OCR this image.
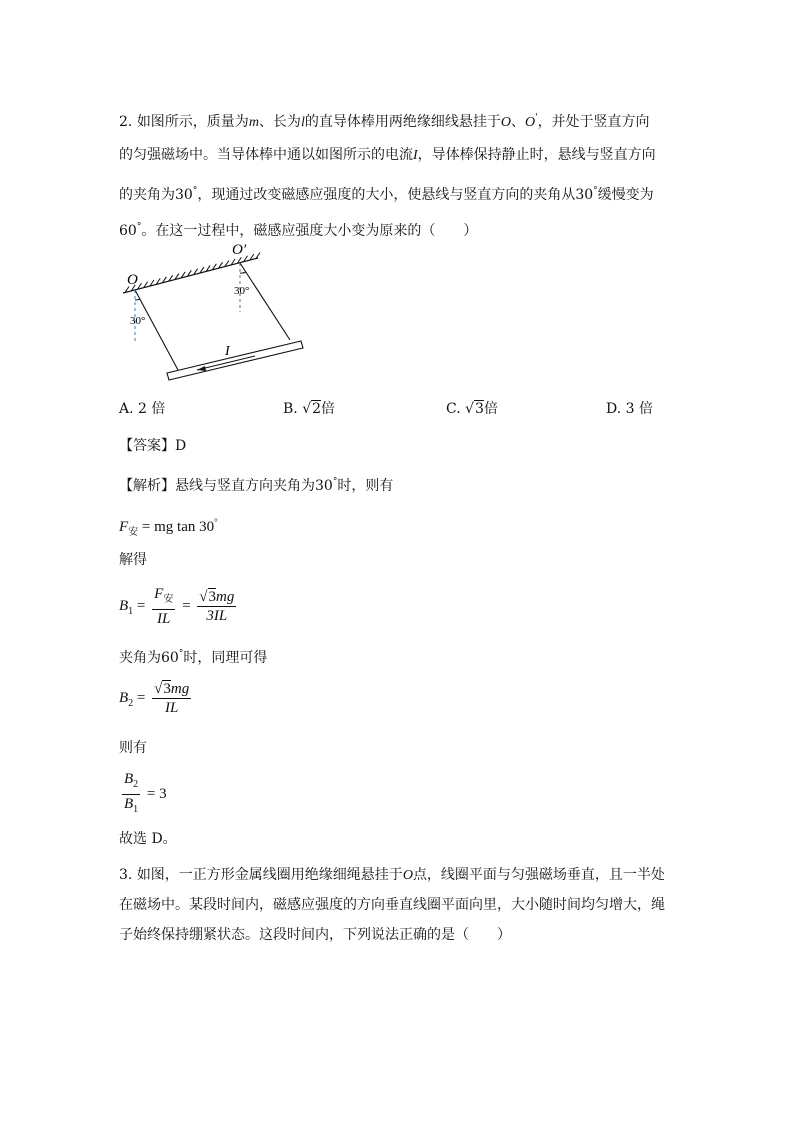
2. 如图所示，质量为m、长为l的直导体棒用两绝缘细线悬挂于O、O'，并处于竖直方向
的匀强磁场中。当导体棒中通以如图所示的电流I，导体棒保持静止时，悬线与竖直方向
的夹角为30°，现通过改变磁感应强度的大小，使悬线与竖直方向的夹角从30°缓慢变为
60°。在这一过程中，磁感应强度大小变为原来的（　　）
O
O′
30°
30°
I
A. 2 倍	B. √2倍	C. √3倍	D. 3 倍
【答案】D
【解析】悬线与竖直方向夹角为30°时，则有
$F_安$ = mg tan 30°
解得
$B_1 = \frac{F_安}{IL} = \frac{√3mg}{3IL}$
夹角为60°时，同理可得
$B_2 = \frac{√3mg}{IL}$
则有
$\frac{B_2}{B_1} = 3$
故选 D。
3. 如图，一正方形金属线圈用绝缘细绳悬挂于O点，线圈平面与匀强磁场垂直，且一半处
在磁场中。某段时间内，磁感应强度的方向垂直线圈平面向里，大小随时间均匀增大，绳
子始终保持绷紧状态。这段时间内，下列说法正确的是（　　）
